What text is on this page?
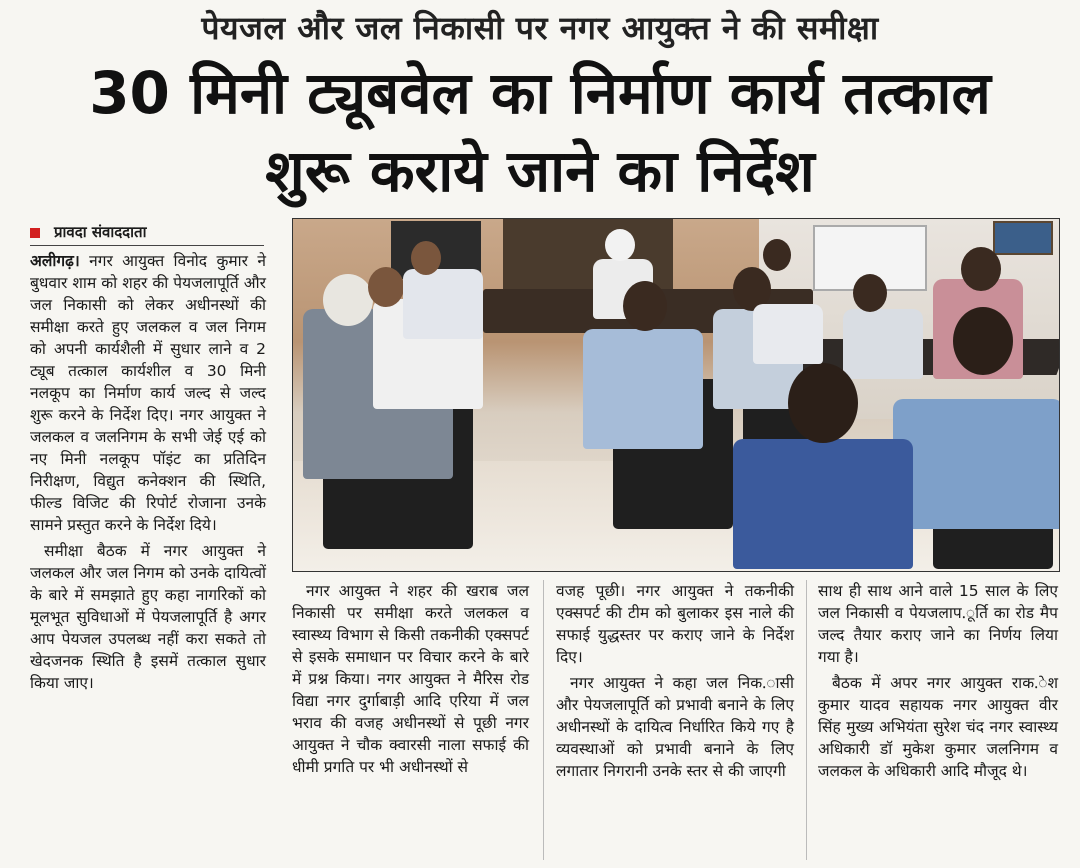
पेयजल और जल निकासी पर नगर आयुक्त ने की समीक्षा
30 मिनी ट्यूबवेल का निर्माण कार्य तत्काल
शुरू कराये जाने का निर्देश
प्रावदा संवाददाता

अलीगढ़। नगर आयुक्त विनोद कुमार ने बुधवार शाम को शहर की पेयजलापूर्ति और जल निकासी को लेकर अधीनस्थों की समीक्षा करते हुए जलकल व जल निगम को अपनी कार्यशैली में सुधार लाने व 2 ट्यूब तत्काल कार्यशील व 30 मिनी नलकूप का निर्माण कार्य जल्द से जल्द शुरू करने के निर्देश दिए। नगर आयुक्त ने जलकल व जलनिगम के सभी जेई एई को नए मिनी नलकूप पॉइंट का प्रतिदिन निरीक्षण, विद्युत कनेक्शन की स्थिति, फील्ड विजिट की रिपोर्ट रोजाना उनके सामने प्रस्तुत करने के निर्देश दिये।

समीक्षा बैठक में नगर आयुक्त ने जलकल और जल निगम को उनके दायित्वों के बारे में समझाते हुए कहा नागरिकों को मूलभूत सुविधाओं में पेयजलापूर्ति है अगर आप पेयजल उपलब्ध नहीं करा सकते तो खेदजनक स्थिति है इसमें तत्काल सुधार किया जाए।

नगर आयुक्त ने शहर की खराब जल निकासी पर समीक्षा करते जलकल व स्वास्थ्य विभाग से किसी तकनीकी एक्सपर्ट से इसके समाधान पर विचार करने के बारे में प्रश्न किया। नगर आयुक्त ने मैरिस रोड विद्या नगर दुर्गाबाड़ी आदि एरिया में जल भराव की वजह अधीनस्थों से पूछी नगर आयुक्त ने चौक क्वारसी नाला सफाई की धीमी प्रगति पर भी अधीनस्थों से

वजह पूछी। नगर आयुक्त ने तकनीकी एक्सपर्ट की टीम को बुलाकर इस नाले की सफाई युद्धस्तर पर कराए जाने के निर्देश दिए।

नगर आयुक्त ने कहा जल निक.ासी और पेयजलापूर्ति को प्रभावी बनाने के लिए अधीनस्थों के दायित्व निर्धारित किये गए है व्यवस्थाओं को प्रभावी बनाने के लिए लगातार निगरानी उनके स्तर से की जाएगी

साथ ही साथ आने वाले 15 साल के लिए जल निकासी व पेयजलाप.ूर्ति का रोड मैप जल्द तैयार कराए जाने का निर्णय लिया गया है।

बैठक में अपर नगर आयुक्त राक.ेश कुमार यादव सहायक नगर आयुक्त वीर सिंह मुख्य अभियंता सुरेश चंद नगर स्वास्थ्य अधिकारी डॉ मुकेश कुमार जलनिगम व जलकल के अधिकारी आदि मौजूद थे।
